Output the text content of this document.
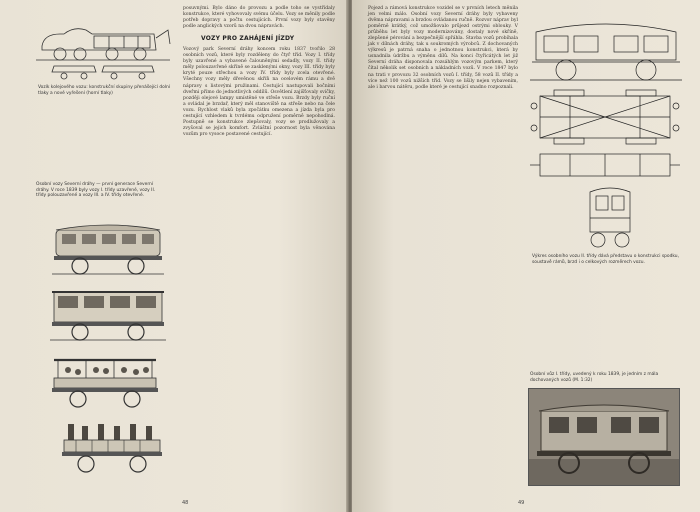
Vozík kolejového vozu: konstrukční skupiny přenášející dolní tlaky a nové vyřešení (horní tlaky)
Osobní vozy Severní dráhy — první generace Severní dráhy. V roce 1839 byly vozy I. třídy uzavřené, vozy II. třídy polouzavřené a vozy III. a IV. třídy otevřené.

posuvnými. Bylo dáno do provozu a podle toho se vystřídaly konstrukce, které vyhovovaly svému účelu. Vozy se měnily podle potřeb dopravy a počtu cestujících. První vozy byly stavěny podle anglických vzorů na dvou nápravách.

VOZY PRO ZAHÁJENÍ JÍZDY

Vozový park Severní dráhy koncem roku 1837 tvořilo 28 osobních vozů, které byly rozděleny do čtyř tříd. Vozy I. třídy byly uzavřené a vybavené čalouněnými sedadly, vozy II. třídy měly polouzavřené skříně se zasklenými okny, vozy III. třídy byly kryté pouze střechou a vozy IV. třídy byly zcela otevřené. Všechny vozy měly dřevěnou skříň na ocelovém rámu a dvě nápravy s listovými pružinami. Cestující nastupovali bočními dveřmi přímo do jednotlivých oddílů. Osvětlení zajišťovaly svíčky, později olejové lampy umístěné ve střeše vozu. Brzdy byly ruční a ovládal je brzdař, který měl stanoviště na střeše nebo na čele vozu. Rychlost vlaků byla zpočátku omezena a jízda byla pro cestující vzhledem k tvrdému odpružení poměrně nepohodlná. Postupně se konstrukce zlepšovaly, vozy se prodlužovaly a zvyšoval se jejich komfort. Zvláštní pozornost byla věnována vozům pro vysoce postavené cestující.

48

Pojezd a rámová konstrukce vozidel se v prvních letech měnila jen velmi málo. Osobní vozy Severní dráhy byly vybaveny dvěma nápravami a brzdou ovládanou ručně. Rozvor náprav byl poměrně krátký, což umožňovalo průjezd ostrými oblouky. V průběhu let byly vozy modernizovány, dostaly nové skříně, zlepšené pérování a bezpečnější spřáhla. Stavba vozů probíhala jak v dílnách dráhy, tak u soukromých výrobců. Z dochovaných výkresů je patrná snaha o jednotnou konstrukci, která by usnadnila údržbu a výměnu dílů. Na konci čtyřicátých let již Severní dráha disponovala rozsáhlým vozovým parkem, který čítal několik set osobních a nákladních vozů. V roce 1847 bylo na trati v provozu 32 osobních vozů I. třídy, 58 vozů II. třídy a více než 100 vozů nižších tříd. Vozy se lišily nejen vybavením, ale i barvou nátěru, podle které je cestující snadno rozpoznali.

Výkres osobního vozu II. třídy dává představu o konstrukci spodku, soustavě rámů, brzd i o celkových rozměrech vozu.
Osobní vůz I. třídy, uvedený k roku 1839, je jedním z mála dochovaných vozů (M. 1:32)
49
